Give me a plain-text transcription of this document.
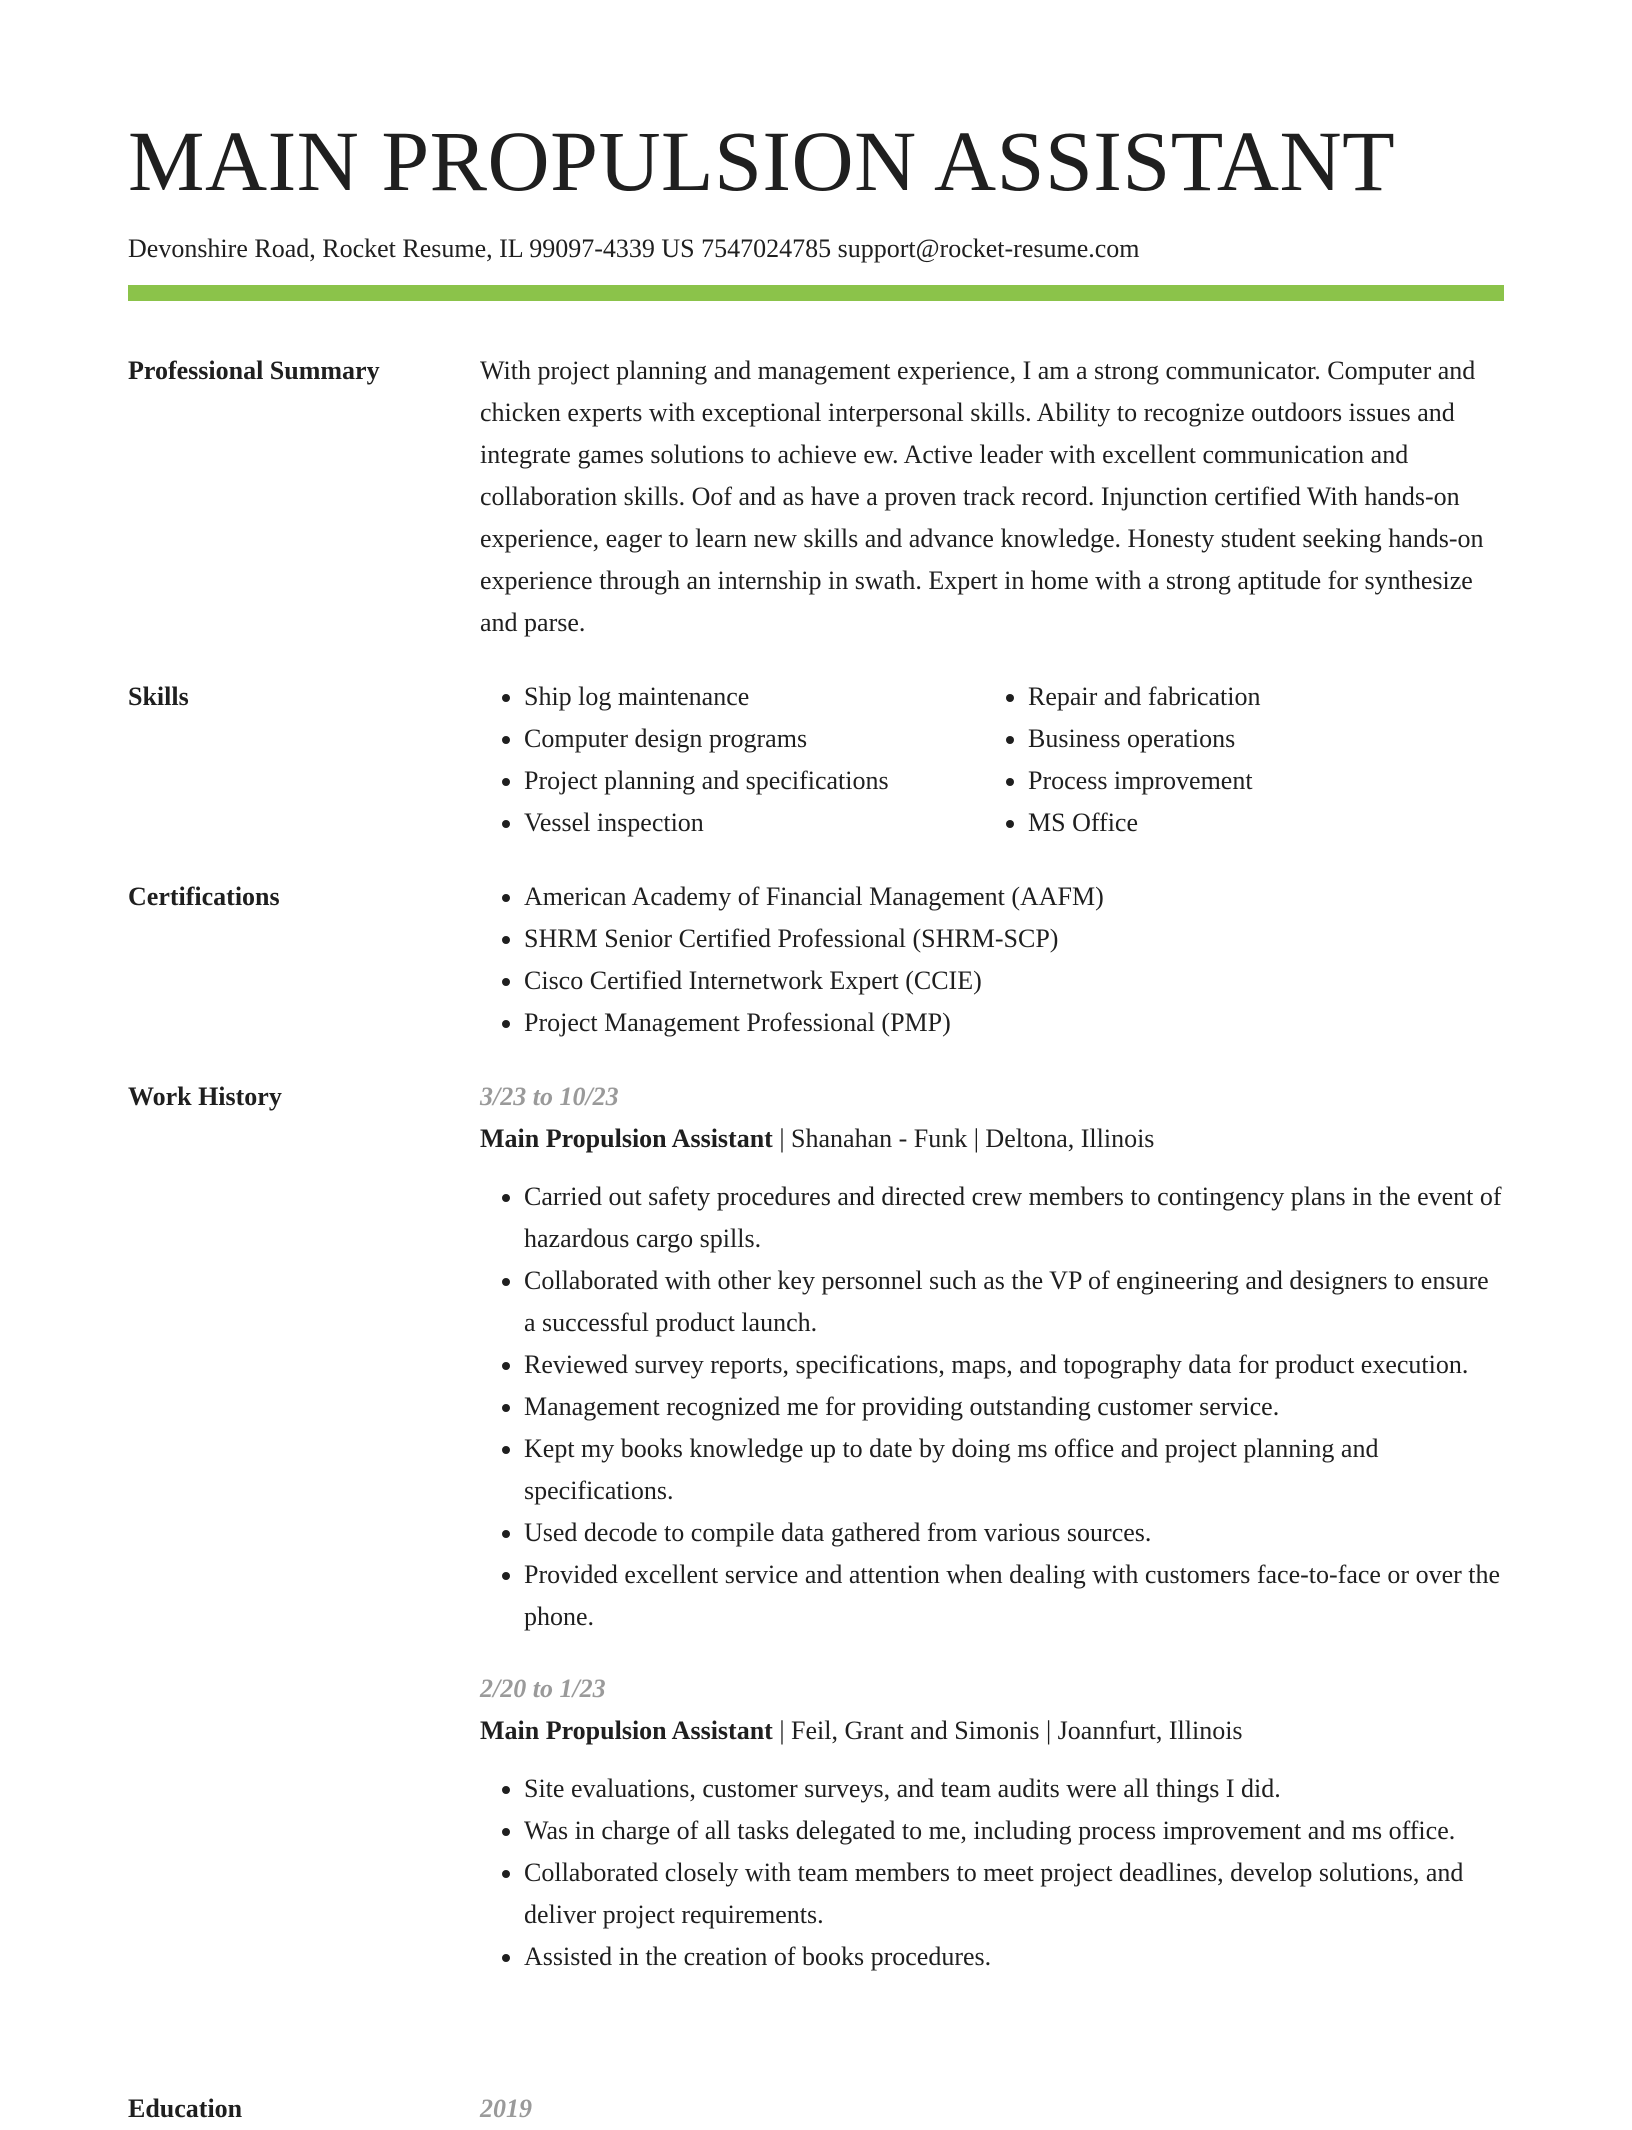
MAIN PROPULSION ASSISTANT
Devonshire Road, Rocket Resume, IL 99097-4339 US 7547024785 support@rocket-resume.com
Professional Summary	With project planning and management experience, I am a strong communicator. Computer and chicken experts with exceptional interpersonal skills. Ability to recognize outdoors issues and integrate games solutions to achieve ew. Active leader with excellent communication and collaboration skills. Oof and as have a proven track record. Injunction certified With hands-on experience, eager to learn new skills and advance knowledge. Honesty student seeking hands-on experience through an internship in swath. Expert in home with a strong aptitude for synthesize and parse.

Skills	• Ship log maintenance
• Computer design programs
• Project planning and specifications
• Vessel inspection
• Repair and fabrication
• Business operations
• Process improvement
• MS Office
Certifications	• American Academy of Financial Management (AAFM)
• SHRM Senior Certified Professional (SHRM-SCP)
• Cisco Certified Internetwork Expert (CCIE)
• Project Management Professional (PMP)
Work History	3/23 to 10/23
Main Propulsion Assistant | Shanahan - Funk | Deltona, Illinois
• Carried out safety procedures and directed crew members to contingency plans in the event of hazardous cargo spills.
• Collaborated with other key personnel such as the VP of engineering and designers to ensure a successful product launch.
• Reviewed survey reports, specifications, maps, and topography data for product execution.
• Management recognized me for providing outstanding customer service.
• Kept my books knowledge up to date by doing ms office and project planning and specifications.
• Used decode to compile data gathered from various sources.
• Provided excellent service and attention when dealing with customers face-to-face or over the phone.
2/20 to 1/23
Main Propulsion Assistant | Feil, Grant and Simonis | Joannfurt, Illinois
• Site evaluations, customer surveys, and team audits were all things I did.
• Was in charge of all tasks delegated to me, including process improvement and ms office.
• Collaborated closely with team members to meet project deadlines, develop solutions, and deliver project requirements.
• Assisted in the creation of books procedures.
Education	2019
